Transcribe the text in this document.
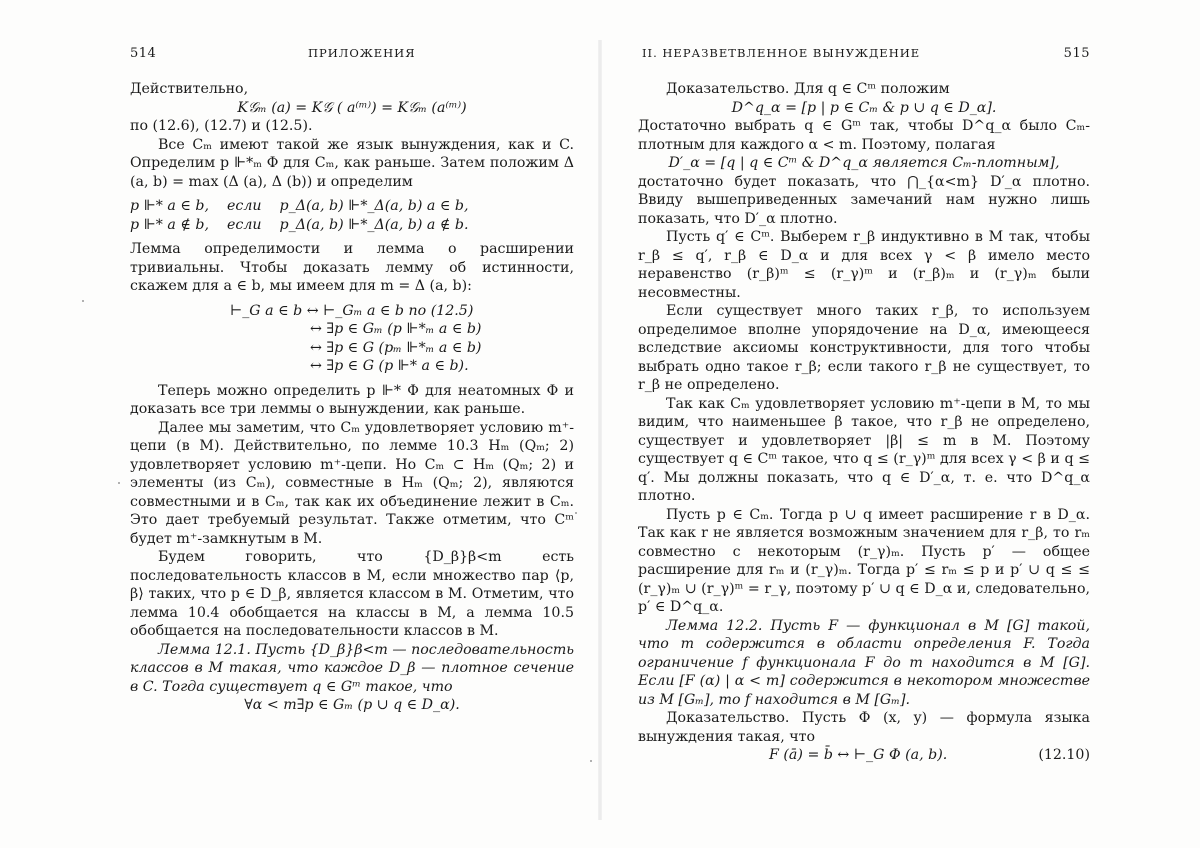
514	ПРИЛОЖЕНИЯ

Действительно,

K𝒢ₘ (a) = K𝒢 ( a⁽ᵐ⁾) = K𝒢ₘ (a⁽ᵐ⁾)

по (12.6), (12.7) и (12.5).

Все Cₘ имеют такой же язык вынуждения, как и C. Определим p ⊩*ₘ Φ для Cₘ, как раньше. Затем положим Δ (a, b) = max (Δ (a), Δ (b)) и определим

p ⊩* a ∈ b,    если    p_Δ(a, b) ⊩*_Δ(a, b) a ∈ b,

p ⊩* a ∉ b,    если    p_Δ(a, b) ⊩*_Δ(a, b) a ∉ b.

Лемма определимости и лемма о расширении тривиальны. Чтобы доказать лемму об истинности, скажем для a ∈ b, мы имеем для m = Δ (a, b):

⊢_G a ∈ b ↔ ⊢_Gₘ a ∈ b по (12.5)

↔ ∃p ∈ Gₘ (p ⊩*ₘ a ∈ b)

↔ ∃p ∈ G (pₘ ⊩*ₘ a ∈ b)

↔ ∃p ∈ G (p ⊩* a ∈ b).

Теперь можно определить p ⊩* Φ для неатомных Φ и доказать все три леммы о вынуждении, как раньше.

Далее мы заметим, что Cₘ удовлетворяет условию m⁺-цепи (в M). Действительно, по лемме 10.3 Hₘ (Qₘ; 2) удовлетворяет условию m⁺-цепи. Но Cₘ ⊂ Hₘ (Qₘ; 2) и элементы (из Cₘ), совместные в Hₘ (Qₘ; 2), являются совместными и в Cₘ, так как их объединение лежит в Cₘ. Это дает требуемый результат. Также отметим, что Cᵐ будет m⁺-замкнутым в M.

Будем говорить, что {D_β}β<m есть последовательность классов в M, если множество пар ⟨p, β⟩ таких, что p ∈ D_β, является классом в M. Отметим, что лемма 10.4 обобщается на классы в M, а лемма 10.5 обобщается на последовательности классов в M.

Лемма 12.1. Пусть {D_β}β<m — последовательность классов в M такая, что каждое D_β — плотное сечение в C. Тогда существует q ∈ Gᵐ такое, что

∀α < m∃p ∈ Gₘ (p ∪ q ∈ D_α).

II. НЕРАЗВЕТВЛЕННОЕ ВЫНУЖДЕНИЕ	515

Доказательство. Для q ∈ Cᵐ положим

D^q_α = [p | p ∈ Cₘ & p ∪ q ∈ D_α].

Достаточно выбрать q ∈ Gᵐ так, чтобы D^q_α было Cₘ-плотным для каждого α < m. Поэтому, полагая

D′_α = [q | q ∈ Cᵐ & D^q_α является Cₘ-плотным],

достаточно будет показать, что ⋂_{α<m} D′_α плотно. Ввиду вышеприведенных замечаний нам нужно лишь показать, что D′_α плотно.

Пусть q′ ∈ Cᵐ. Выберем r_β индуктивно в M так, чтобы r_β ≤ q′, r_β ∈ D_α и для всех γ < β имело место неравенство (r_β)ᵐ ≤ (r_γ)ᵐ и (r_β)ₘ и (r_γ)ₘ были несовместны.

Если существует много таких r_β, то используем определимое вполне упорядочение на D_α, имеющееся вследствие аксиомы конструктивности, для того чтобы выбрать одно такое r_β; если такого r_β не существует, то r_β не определено.

Так как Cₘ удовлетворяет условию m⁺-цепи в M, то мы видим, что наименьшее β такое, что r_β не определено, существует и удовлетворяет |β| ≤ m в M. Поэтому существует q ∈ Cᵐ такое, что q ≤ (r_γ)ᵐ для всех γ < β и q ≤ q′. Мы должны показать, что q ∈ D′_α, т. е. что D^q_α плотно.

Пусть p ∈ Cₘ. Тогда p ∪ q имеет расширение r в D_α. Так как r не является возможным значением для r_β, то rₘ совместно с некоторым (r_γ)ₘ. Пусть p′ — общее расширение для rₘ и (r_γ)ₘ. Тогда p′ ≤ rₘ ≤ p и p′ ∪ q ≤ ≤ (r_γ)ₘ ∪ (r_γ)ᵐ = r_γ, поэтому p′ ∪ q ∈ D_α и, следовательно, p′ ∈ D^q_α.

Лемма 12.2. Пусть F — функционал в M [G] такой, что m содержится в области определения F. Тогда ограничение f функционала F до m находится в M [G]. Если [F (α) | α < m] содержится в некотором множестве из M [Gₘ], то f находится в M [Gₘ].

Доказательство. Пусть Φ (x, y) — формула языка вынуждения такая, что

F (ā) = b̄ ↔ ⊢_G Φ (a, b).	(12.10)
